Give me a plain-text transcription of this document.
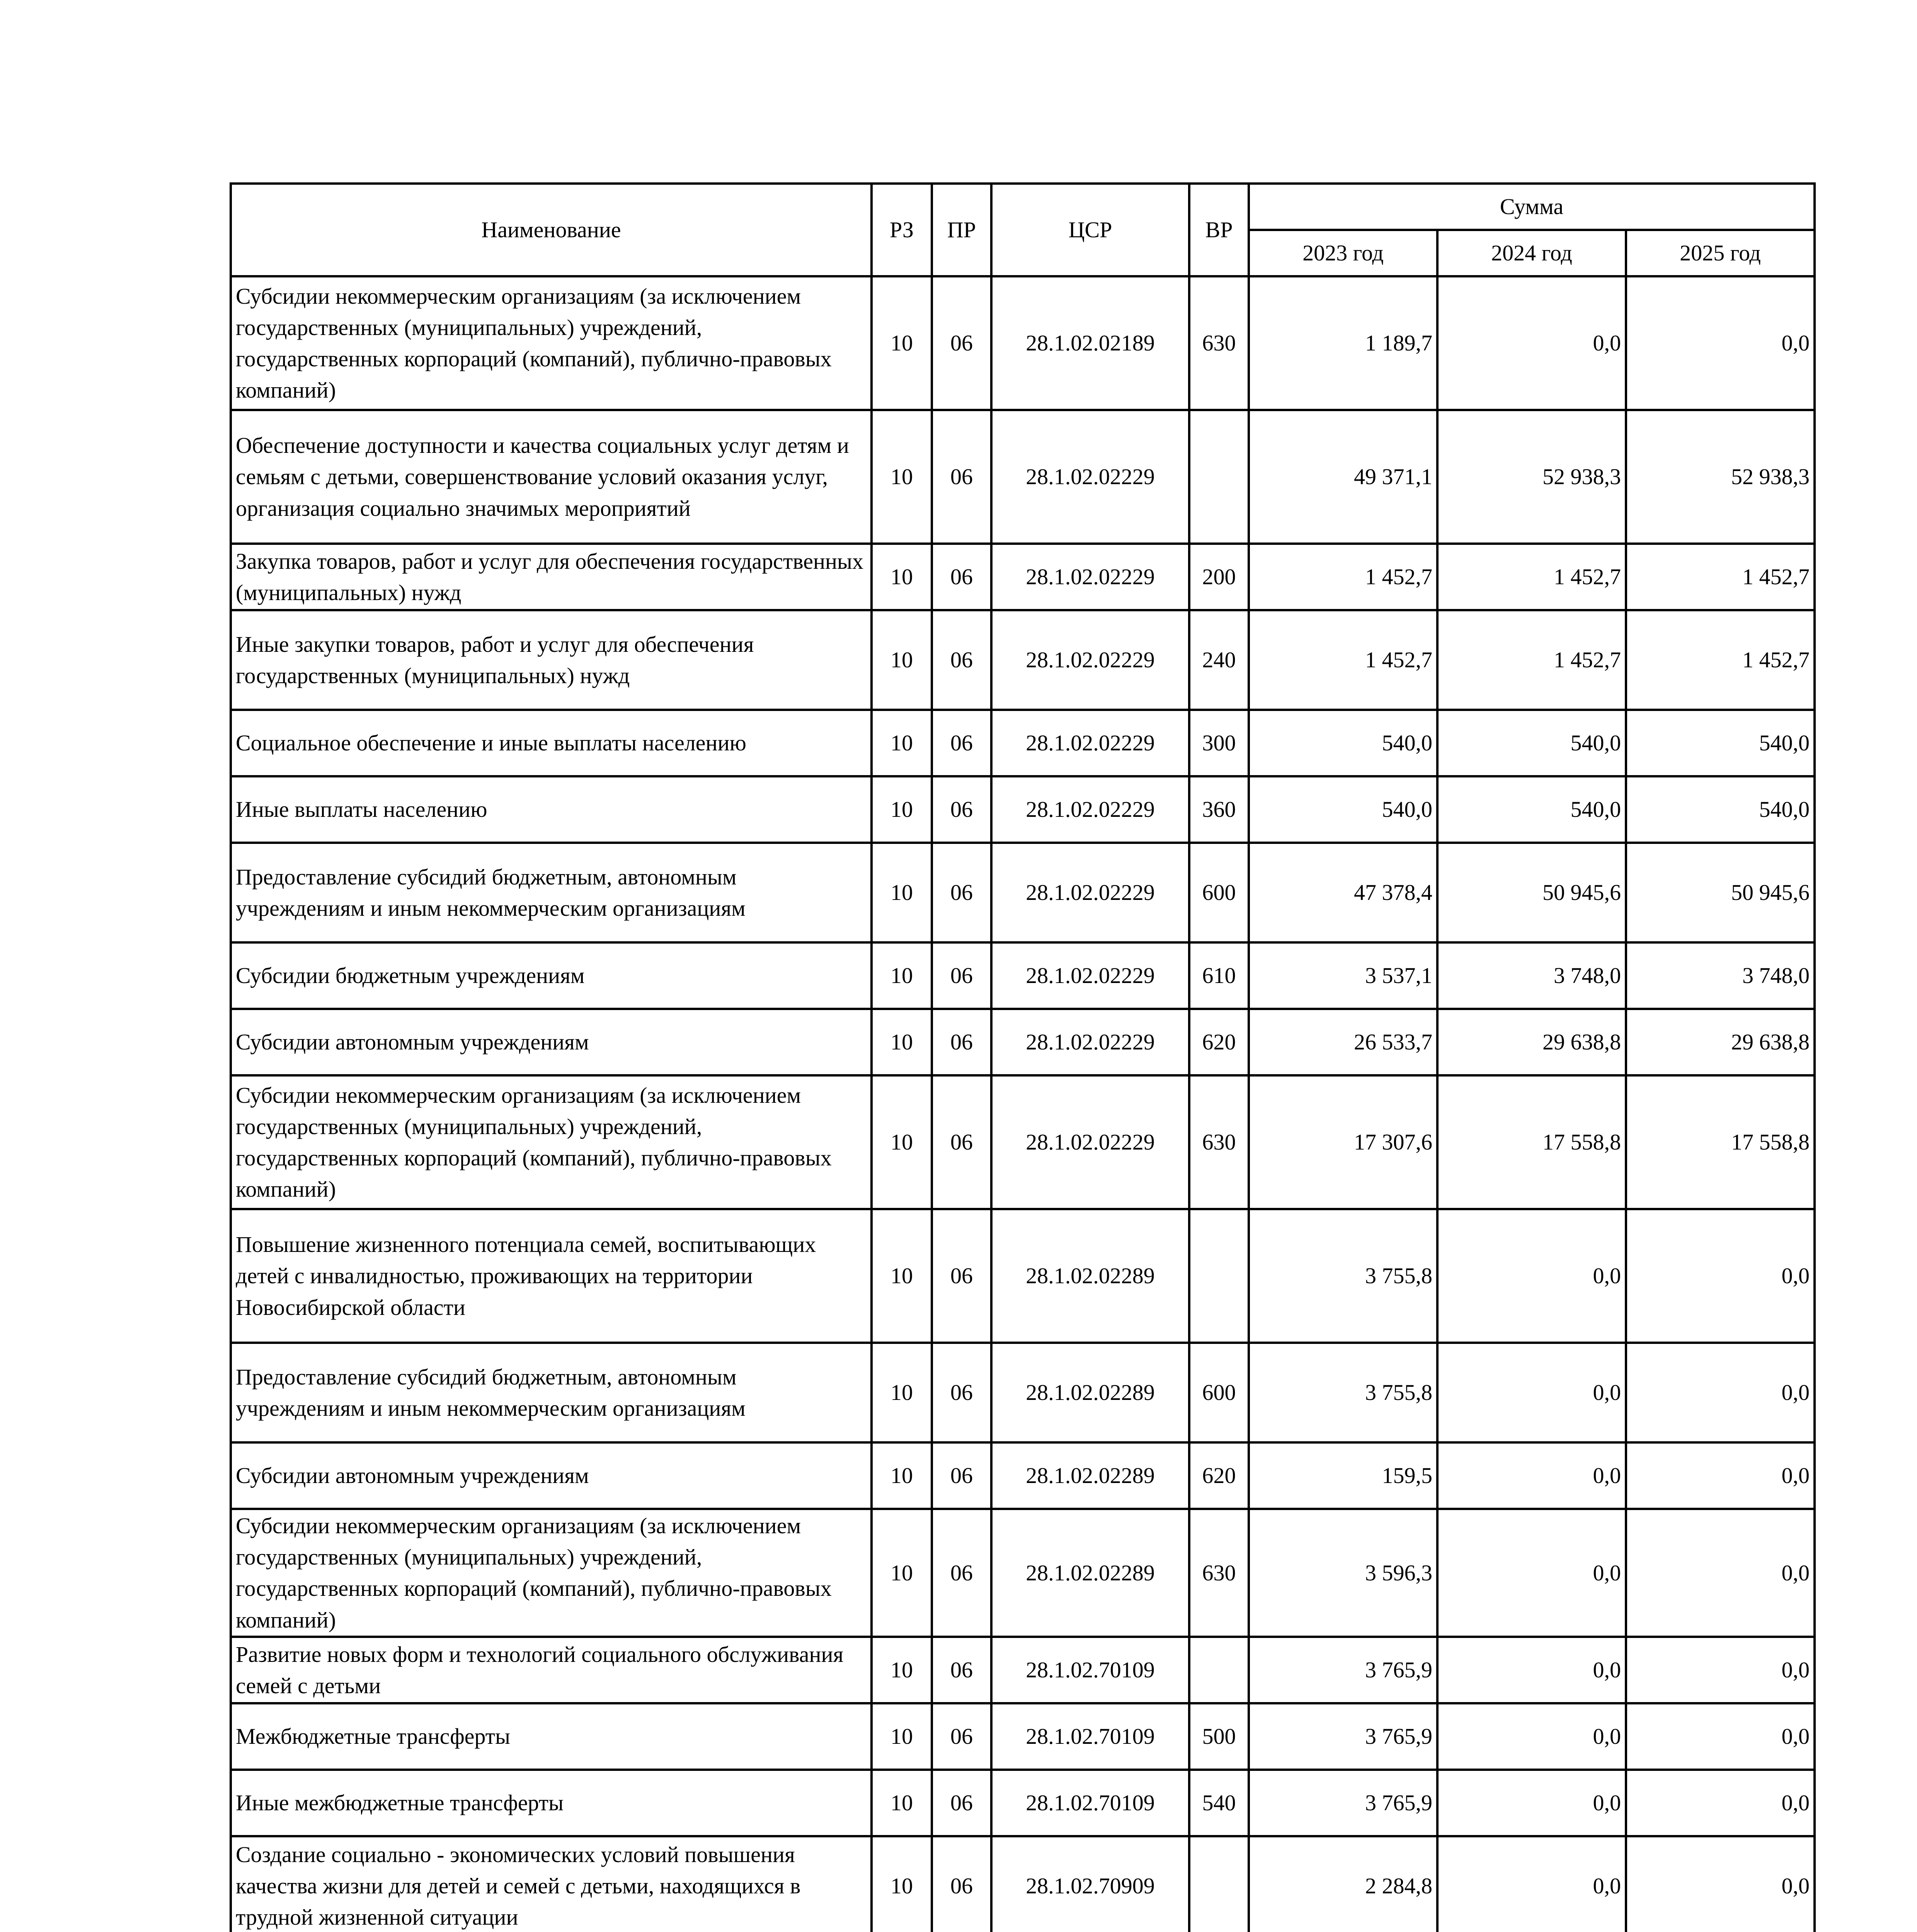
Наименование	РЗ	ПР	ЦСР	ВР	Сумма		
					2023 год	2024 год	2025 год
Субсидии некоммерческим организациям (за исключением государственных (муниципальных) учреждений, государственных корпораций (компаний), публично-правовых компаний)	10	06	28.1.02.02189	630	1 189,7	0,0	0,0
Обеспечение доступности и качества социальных услуг детям и семьям с детьми, совершенствование условий оказания услуг, организация социально значимых мероприятий	10	06	28.1.02.02229		49 371,1	52 938,3	52 938,3
Закупка товаров, работ и услуг для обеспечения государственных (муниципальных) нужд	10	06	28.1.02.02229	200	1 452,7	1 452,7	1 452,7
Иные закупки товаров, работ и услуг для обеспечения государственных (муниципальных) нужд	10	06	28.1.02.02229	240	1 452,7	1 452,7	1 452,7
Социальное обеспечение и иные выплаты населению	10	06	28.1.02.02229	300	540,0	540,0	540,0
Иные выплаты населению	10	06	28.1.02.02229	360	540,0	540,0	540,0
Предоставление субсидий бюджетным, автономным учреждениям и иным некоммерческим организациям	10	06	28.1.02.02229	600	47 378,4	50 945,6	50 945,6
Субсидии бюджетным учреждениям	10	06	28.1.02.02229	610	3 537,1	3 748,0	3 748,0
Субсидии автономным учреждениям	10	06	28.1.02.02229	620	26 533,7	29 638,8	29 638,8
Субсидии некоммерческим организациям (за исключением государственных (муниципальных) учреждений, государственных корпораций (компаний), публично-правовых компаний)	10	06	28.1.02.02229	630	17 307,6	17 558,8	17 558,8
Повышение жизненного потенциала семей, воспитывающих детей с инвалидностью, проживающих на территории Новосибирской области	10	06	28.1.02.02289		3 755,8	0,0	0,0
Предоставление субсидий бюджетным, автономным учреждениям и иным некоммерческим организациям	10	06	28.1.02.02289	600	3 755,8	0,0	0,0
Субсидии автономным учреждениям	10	06	28.1.02.02289	620	159,5	0,0	0,0
Субсидии некоммерческим организациям (за исключением государственных (муниципальных) учреждений, государственных корпораций (компаний), публично-правовых компаний)	10	06	28.1.02.02289	630	3 596,3	0,0	0,0
Развитие новых форм и технологий социального обслуживания семей с детьми	10	06	28.1.02.70109		3 765,9	0,0	0,0
Межбюджетные трансферты	10	06	28.1.02.70109	500	3 765,9	0,0	0,0
Иные межбюджетные трансферты	10	06	28.1.02.70109	540	3 765,9	0,0	0,0
Создание социально - экономических условий повышения качества жизни для детей и семей с детьми, находящихся в трудной жизненной ситуации	10	06	28.1.02.70909		2 284,8	0,0	0,0
